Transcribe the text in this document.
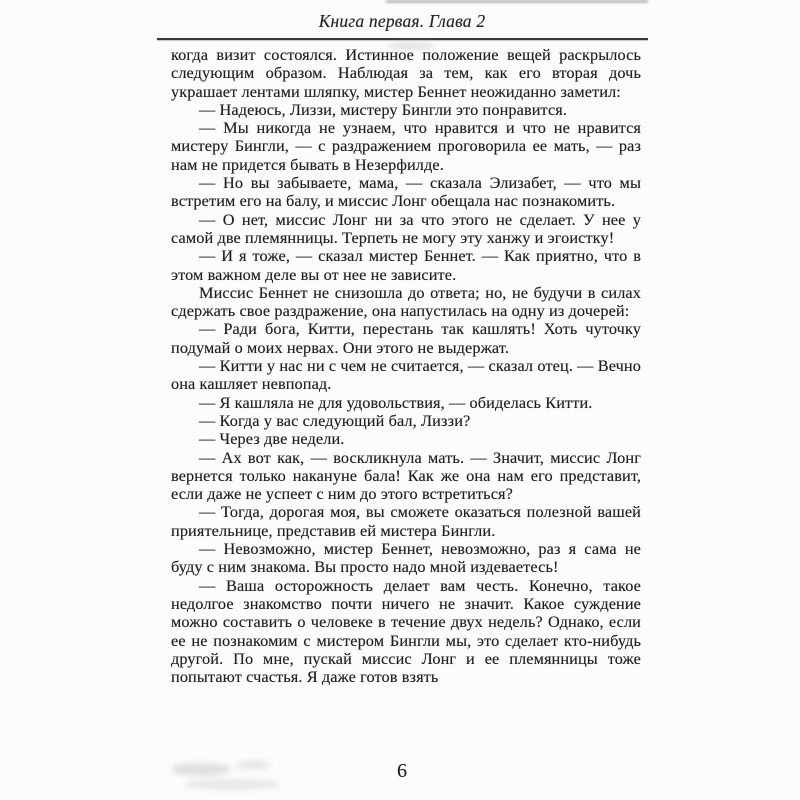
Книга первая. Глава 2

когда визит состоялся. Истинное положение вещей раскрылось следующим образом. Наблюдая за тем, как его вторая дочь украшает лентами шляпку, мистер Беннет неожиданно заметил:

— Надеюсь, Лиззи, мистеру Бингли это понравится.

— Мы никогда не узнаем, что нравится и что не нравится мистеру Бингли, — с раздражением проговорила ее мать, — раз нам не придется бывать в Незерфилде.

— Но вы забываете, мама, — сказала Элизабет, — что мы встретим его на балу, и миссис Лонг обещала нас познакомить.

— О нет, миссис Лонг ни за что этого не сделает. У нее у самой две племянницы. Терпеть не могу эту ханжу и эгоистку!

— И я тоже, — сказал мистер Беннет. — Как приятно, что в этом важном деле вы от нее не зависите.

Миссис Беннет не снизошла до ответа; но, не будучи в силах сдержать свое раздражение, она напустилась на одну из дочерей:

— Ради бога, Китти, перестань так кашлять! Хоть чуточку подумай о моих нервах. Они этого не выдержат.

— Китти у нас ни с чем не считается, — сказал отец. — Вечно она кашляет невпопад.

— Я кашляла не для удовольствия, — обиделась Китти.

— Когда у вас следующий бал, Лиззи?

— Через две недели.

— Ах вот как, — воскликнула мать. — Значит, миссис Лонг вернется только накануне бала! Как же она нам его представит, если даже не успеет с ним до этого встретиться?

— Тогда, дорогая моя, вы сможете оказаться полезной вашей приятельнице, представив ей мистера Бингли.

— Невозможно, мистер Беннет, невозможно, раз я сама не буду с ним знакома. Вы просто надо мной издеваетесь!

— Ваша осторожность делает вам честь. Конечно, такое недолгое знакомство почти ничего не значит. Какое суждение можно составить о человеке в течение двух недель? Однако, если ее не познакомим с мистером Бингли мы, это сделает кто-нибудь другой. По мне, пускай миссис Лонг и ее племянницы тоже попытают счастья. Я даже готов взять

6
